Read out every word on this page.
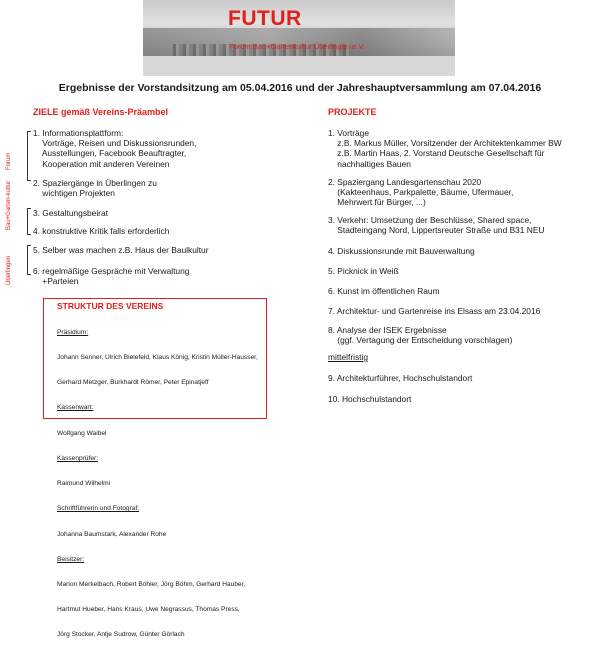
FUTUR
Forum Bau+Gartenkultur Überlingen e.V.
Ergebnisse der Vorstandsitzung am 05.04.2016 und der Jahreshauptversammlung am 07.04.2016
ZIELE gemäß Vereins-Präambel	PROJEKTE
Forum
Bau+Garten-kultur
Überlingen
1. Informationsplattform:
Vorträge, Reisen und Diskussionsrunden,
Ausstellungen, Facebook Beauftragter,
Kooperation mit anderen Vereinen
2. Spaziergänge in Überlingen zu
wichtigen Projekten
3. Gestaltungsbeirat
4. konstruktive Kritik falls erforderlich
5. Selber was machen z.B. Haus der Baulkultur
6. regelmäßige Gespräche mit Verwaltung
+Parteien
STRUKTUR DES VEREINS

Präsidium:

Johann Senner, Ulrich Bielefeld, Klaus König, Kristin Müller-Hausser,

Gerhard Metzger, Burkhardt Römer, Peter Epinatjeff

Kassenwart:

Wolfgang Waibel

Kassenprüfer:

Raimund Wilhelmi

Schriftführerin und Fotograf:

Johanna Baumstark, Alexander Rohe

Beisitzer:

Marion Merkelbach, Robert Böhler, Jörg Böhm, Gerhard Hauber,

Hartmut Hueber, Hans Kraus, Uwe Negrassus, Thomas Press,

Jörg Stocker, Antje Sudrow, Günter Görlach

1. Vorträge
z.B. Markus Müller, Vorsitzender der Architektenkammer BW
z.B. Martin Haas, 2. Vorstand Deutsche Gesellschaft für
nachhaltiges Bauen
2. Spaziergang Landesgartenschau 2020
(Kakteenhaus, Parkpalette, Bäume, Ufermauer,
Mehrwert für Bürger, ...)
3. Verkehr: Umsetzung der Beschlüsse, Shared space,
Stadteingang Nord, Lippertsreuter Straße und B31 NEU
4. Diskussionsrunde mit Bauverwaltung
5. Picknick in Weiß
6. Kunst im öffentlichen Raum
7. Architektur- und Gartenreise ins Elsass am 23.04.2016
8. Analyse der ISEK Ergebnisse
(ggf. Vertagung der Entscheidung vorschlagen)
mittelfristig
9. Architekturführer, Hochschulstandort
10. Hochschulstandort
